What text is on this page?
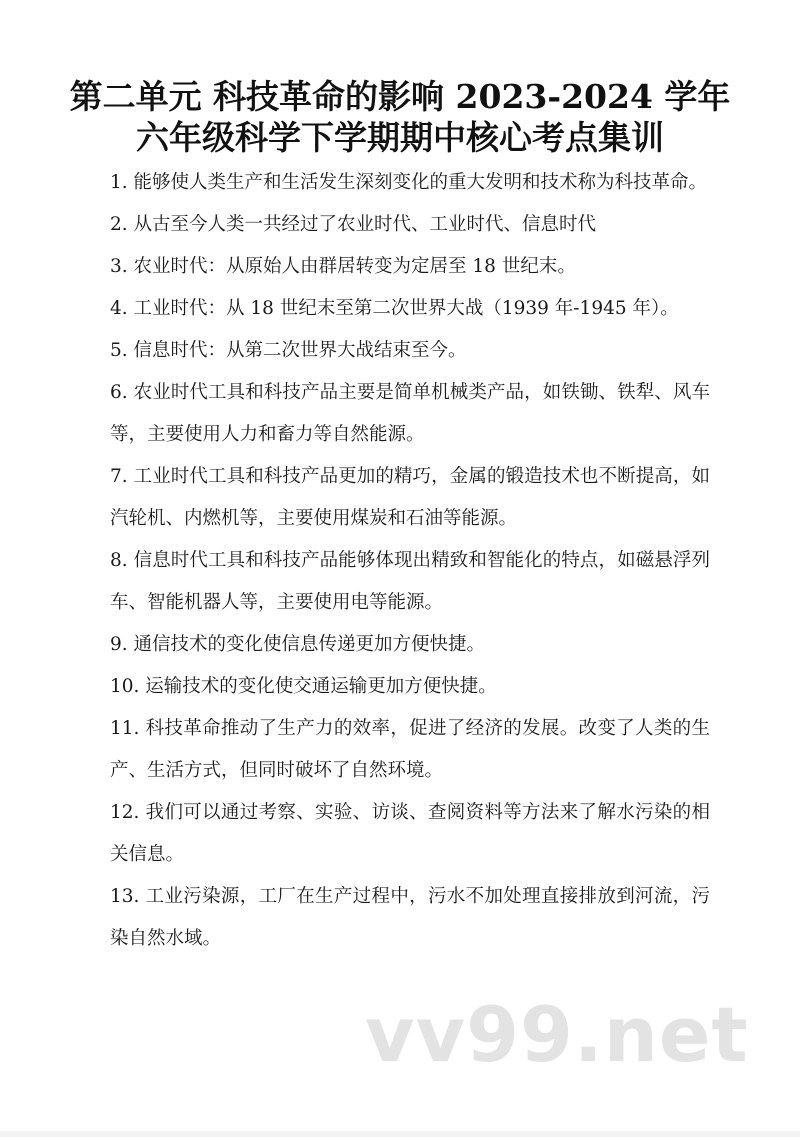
第二单元 科技革命的影响 2023-2024 学年
六年级科学下学期期中核心考点集训
1. 能够使人类生产和生活发生深刻变化的重大发明和技术称为科技革命。
2. 从古至今人类一共经过了农业时代、工业时代、信息时代
3. 农业时代：从原始人由群居转变为定居至 18 世纪末。
4. 工业时代：从 18 世纪末至第二次世界大战（1939 年-1945 年）。
5. 信息时代：从第二次世界大战结束至今。
6. 农业时代工具和科技产品主要是简单机械类产品，如铁锄、铁犁、风车等，主要使用人力和畜力等自然能源。
7. 工业时代工具和科技产品更加的精巧，金属的锻造技术也不断提高，如汽轮机、内燃机等，主要使用煤炭和石油等能源。
8. 信息时代工具和科技产品能够体现出精致和智能化的特点，如磁悬浮列车、智能机器人等，主要使用电等能源。
9. 通信技术的变化使信息传递更加方便快捷。
10. 运输技术的变化使交通运输更加方便快捷。
11. 科技革命推动了生产力的效率，促进了经济的发展。改变了人类的生产、生活方式，但同时破坏了自然环境。
12. 我们可以通过考察、实验、访谈、查阅资料等方法来了解水污染的相关信息。
13. 工业污染源，工厂在生产过程中，污水不加处理直接排放到河流，污染自然水域。
vv99.net
